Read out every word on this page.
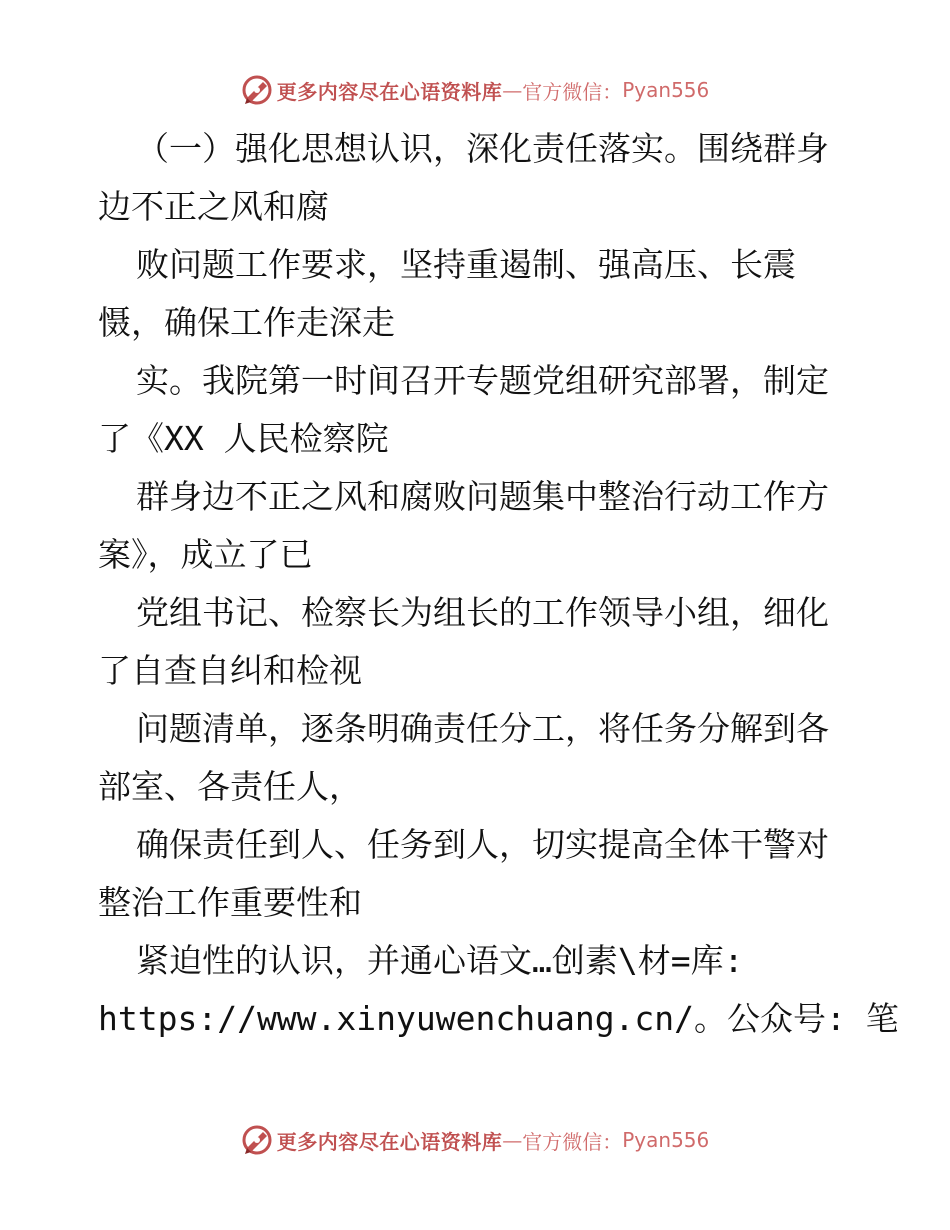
更多内容尽在心语资料库 — 官方微信： Pyan556
（一）强化思想认识，深化责任落实。围绕群身
边不正之风和腐
败问题工作要求，坚持重遏制、强高压、长震
慑，确保工作走深走
实。我院第一时间召开专题党组研究部署，制定
了《XX 人民检察院
群身边不正之风和腐败问题集中整治行动工作方
案》，成立了已
党组书记、检察长为组长的工作领导小组，细化
了自查自纠和检视
问题清单，逐条明确责任分工，将任务分解到各
部室、各责任人，
确保责任到人、任务到人，切实提高全体干警对
整治工作重要性和
紧迫性的认识，并通心语文…创素\材=库:
https://www.xinyuwenchuang.cn/。公众号: 笔
更多内容尽在心语资料库 — 官方微信： Pyan556
